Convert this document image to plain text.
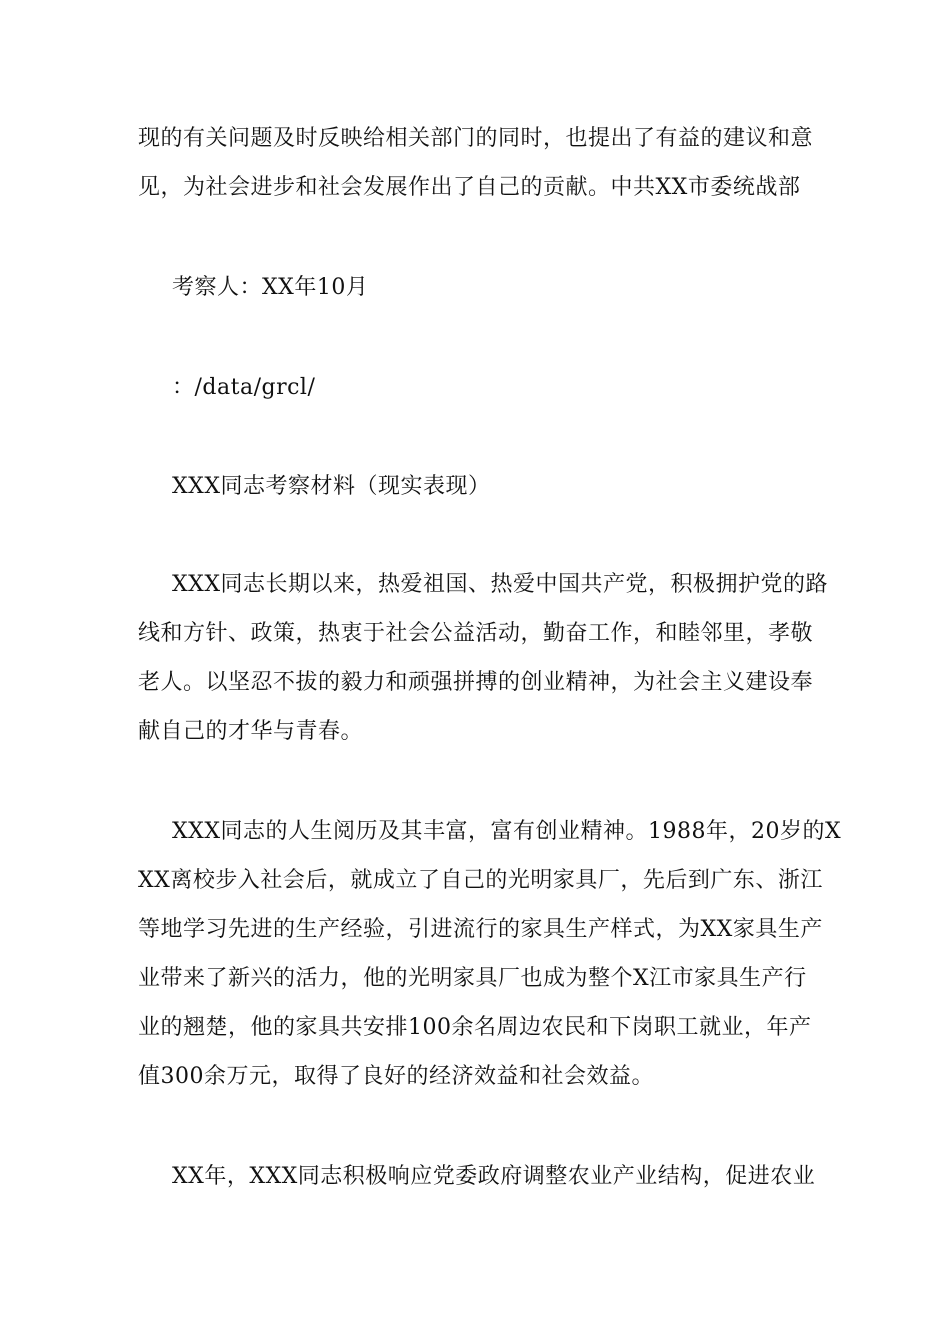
现的有关问题及时反映给相关部门的同时，也提出了有益的建议和意
见，为社会进步和社会发展作出了自己的贡献。中共XX市委统战部
考察人：XX年10月
：/data/grcl/
XXX同志考察材料（现实表现）
XXX同志长期以来，热爱祖国、热爱中国共产党，积极拥护党的路
线和方针、政策，热衷于社会公益活动，勤奋工作，和睦邻里，孝敬
老人。以坚忍不拔的毅力和顽强拼搏的创业精神，为社会主义建设奉
献自己的才华与青春。
XXX同志的人生阅历及其丰富，富有创业精神。1988年，20岁的X
XX离校步入社会后，就成立了自己的光明家具厂，先后到广东、浙江
等地学习先进的生产经验，引进流行的家具生产样式，为XX家具生产
业带来了新兴的活力，他的光明家具厂也成为整个X江市家具生产行
业的翘楚，他的家具共安排100余名周边农民和下岗职工就业，年产
值300余万元，取得了良好的经济效益和社会效益。
XX年，XXX同志积极响应党委政府调整农业产业结构，促进农业
